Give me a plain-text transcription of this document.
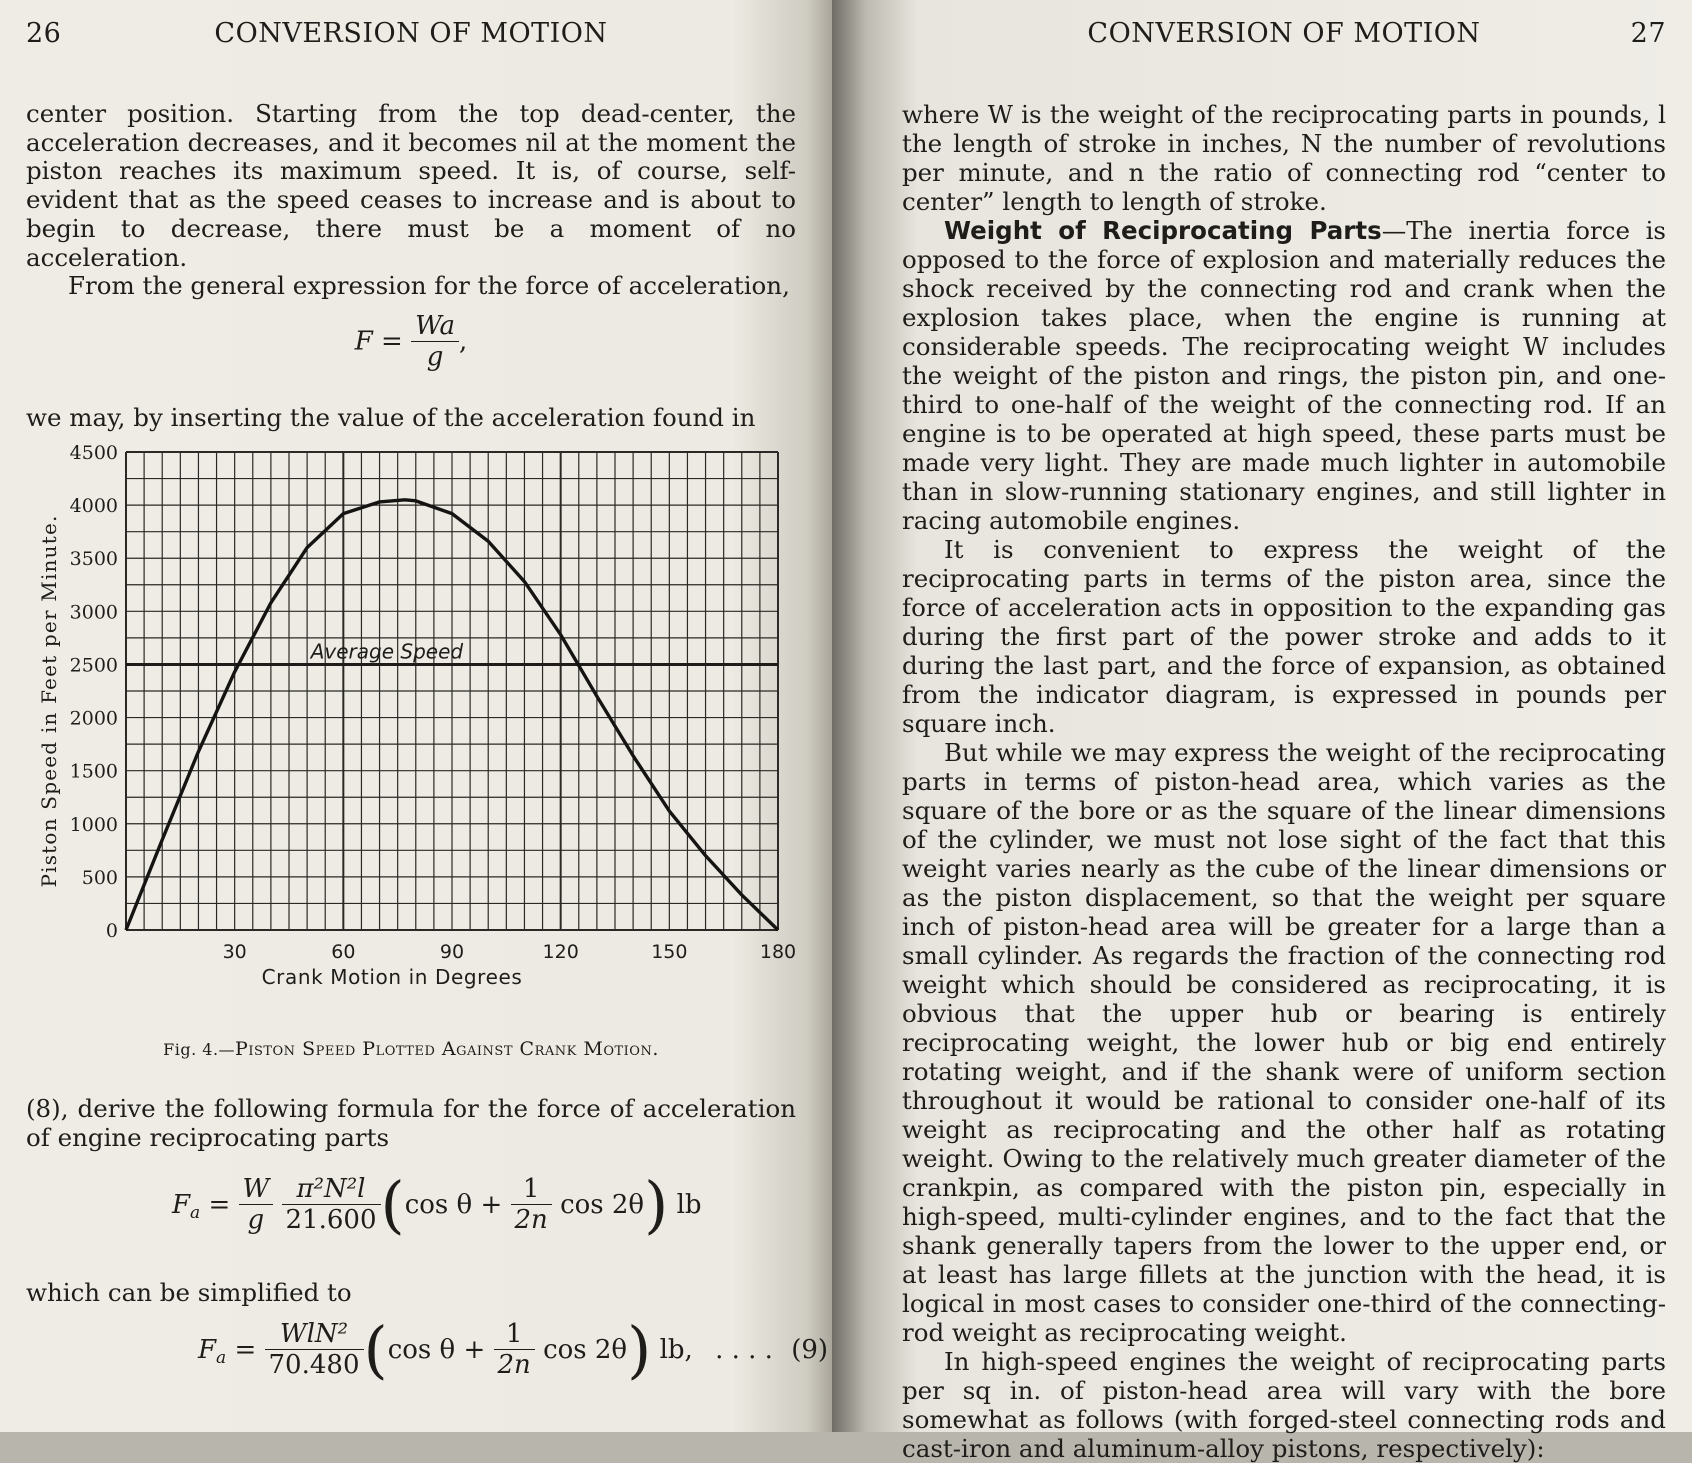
26	CONVERSION OF MOTION

center position. Starting from the top dead-center, the acceleration decreases, and it becomes nil at the moment the piston reaches its maximum speed. It is, of course, self-evident that as the speed ceases to increase and is about to begin to decrease, there must be a moment of no acceleration.

From the general expression for the force of acceleration,

$F = \frac{Wa}{g}$ ,

we may, by inserting the value of the acceleration found in

0
500
1000
1500
2000
2500
3000
3500
4000
4500
30	60	90	120	150	180
Crank Motion in Degrees
Piston Speed in Feet per Minute.	Average Speed
Fig. 4.—Piston Speed Plotted Against Crank Motion.

(8), derive the following formula for the force of acceleration of engine reciprocating parts

$F_a = \frac{W}{g}$
$\frac{\text{π²N²l}}{21.600} (\cos$ $\theta + \frac{1}{2n}$ cos 2θ) lb

which can be simplified to

$F_a = \frac{\text{WlN²}}{70.480} (\cos$ $\theta + \frac{1}{2n}$ cos 2θ) lb, . . . . (9)
CONVERSION OF MOTION	27

where W is the weight of the reciprocating parts in pounds, l the length of stroke in inches, N the number of revolutions per minute, and n the ratio of connecting rod “center to center” length to length of stroke.

Weight of Reciprocating Parts—The inertia force is opposed to the force of explosion and materially reduces the shock received by the connecting rod and crank when the explosion takes place, when the engine is running at considerable speeds. The reciprocating weight W includes the weight of the piston and rings, the piston pin, and one-third to one-half of the weight of the connecting rod. If an engine is to be operated at high speed, these parts must be made very light. They are made much lighter in automobile than in slow-running stationary engines, and still lighter in racing automobile engines.

It is convenient to express the weight of the reciprocating parts in terms of the piston area, since the force of acceleration acts in opposition to the expanding gas during the first part of the power stroke and adds to it during the last part, and the force of expansion, as obtained from the indicator diagram, is expressed in pounds per square inch.

But while we may express the weight of the reciprocating parts in terms of piston-head area, which varies as the square of the bore or as the square of the linear dimensions of the cylinder, we must not lose sight of the fact that this weight varies nearly as the cube of the linear dimensions or as the piston displacement, so that the weight per square inch of piston-head area will be greater for a large than a small cylinder. As regards the fraction of the connecting rod weight which should be considered as reciprocating, it is obvious that the upper hub or bearing is entirely reciprocating weight, the lower hub or big end entirely rotating weight, and if the shank were of uniform section throughout it would be rational to consider one-half of its weight as reciprocating and the other half as rotating weight. Owing to the relatively much greater diameter of the crankpin, as compared with the piston pin, especially in high-speed, multi-cylinder engines, and to the fact that the shank generally tapers from the lower to the upper end, or at least has large fillets at the junction with the head, it is logical in most cases to consider one-third of the connecting-rod weight as reciprocating weight.

In high-speed engines the weight of reciprocating parts per sq in. of piston-head area will vary with the bore somewhat as follows (with forged-steel connecting rods and cast-iron and aluminum-alloy pistons, respectively):
